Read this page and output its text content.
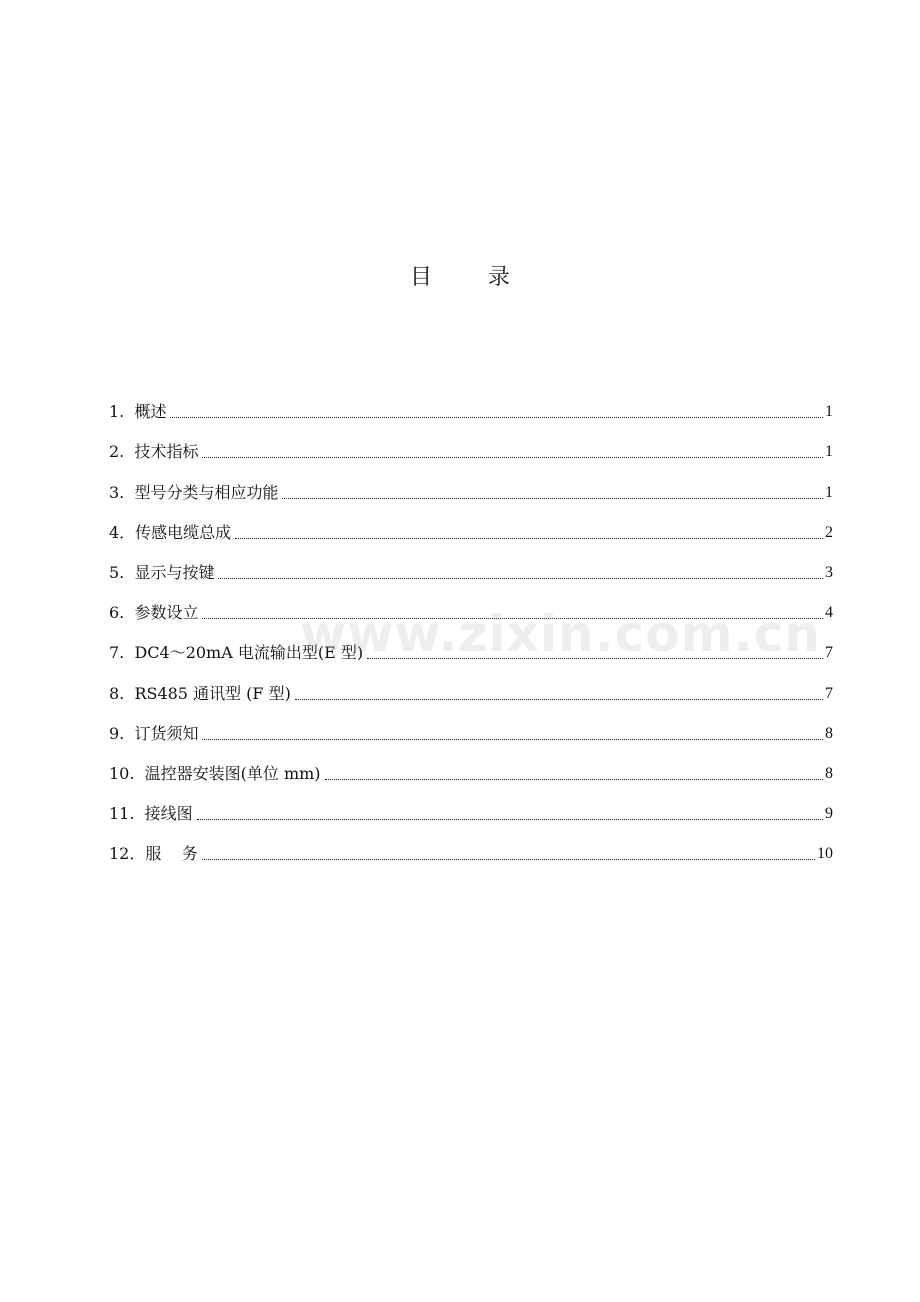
目        录
1.  概述	1
2.  技术指标	1
3.  型号分类与相应功能	1
4．传感电缆总成	2
5.  显示与按键	3
6.  参数设立	4
7.  DC4～20mA 电流输出型(E 型)	7
8.  RS485 通讯型 (F 型)	7
9.  订货须知	8
10.  温控器安装图(单位 mm)	8
11.  接线图	9
12．服    务	10
www.zixin.com.cn
